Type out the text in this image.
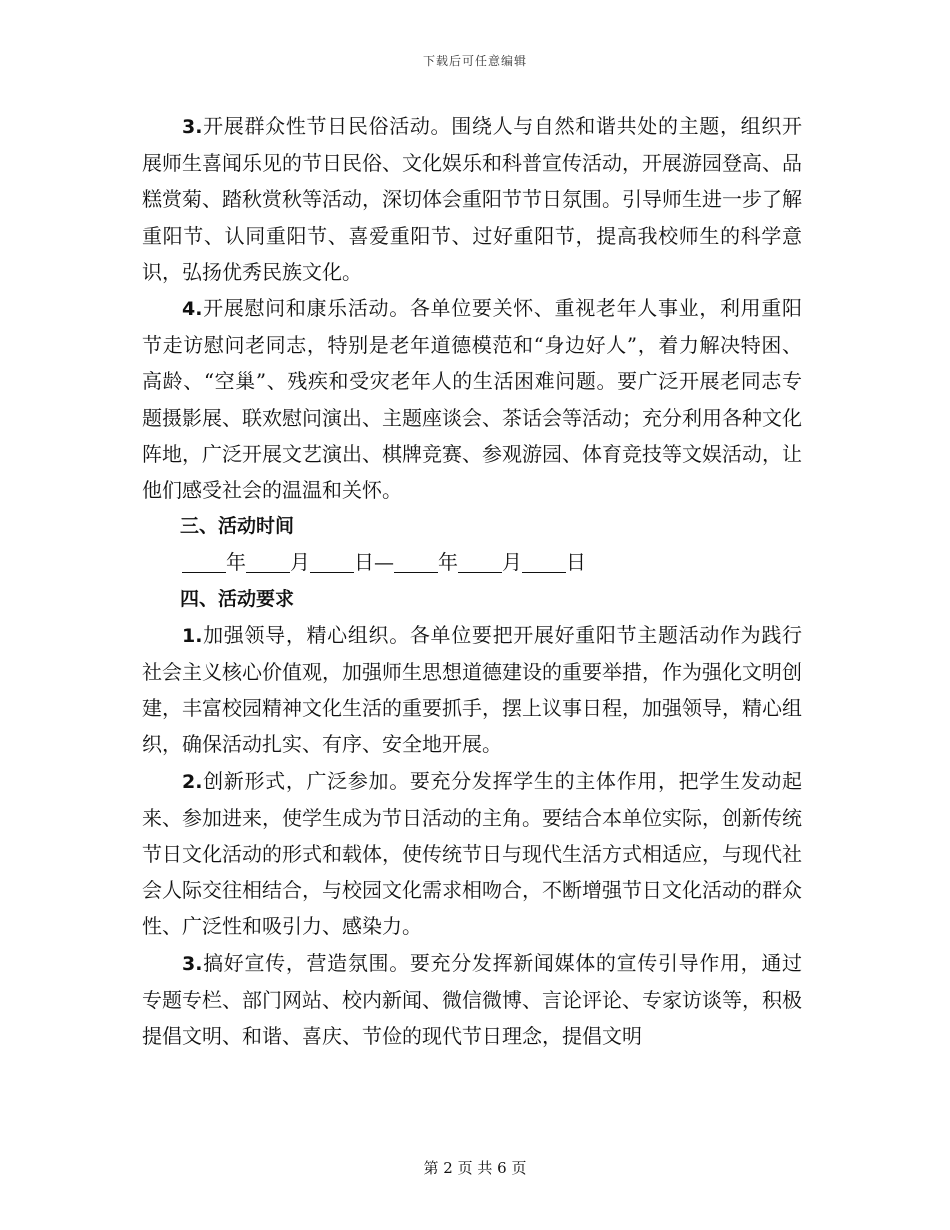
下载后可任意编辑

3.开展群众性节日民俗活动。围绕人与自然和谐共处的主题，组织开展师生喜闻乐见的节日民俗、文化娱乐和科普宣传活动，开展游园登高、品糕赏菊、踏秋赏秋等活动，深切体会重阳节节日氛围。引导师生进一步了解重阳节、认同重阳节、喜爱重阳节、过好重阳节，提高我校师生的科学意识，弘扬优秀民族文化。

4.开展慰问和康乐活动。各单位要关怀、重视老年人事业，利用重阳节走访慰问老同志，特别是老年道德模范和“身边好人”，着力解决特困、高龄、“空巢”、残疾和受灾老年人的生活困难问题。要广泛开展老同志专题摄影展、联欢慰问演出、主题座谈会、茶话会等活动；充分利用各种文化阵地，广泛开展文艺演出、棋牌竞赛、参观游园、体育竞技等文娱活动，让他们感受社会的温温和关怀。

三、活动时间

年 月 日— 年 月 日

四、活动要求

1.加强领导，精心组织。各单位要把开展好重阳节主题活动作为践行社会主义核心价值观，加强师生思想道德建设的重要举措，作为强化文明创建，丰富校园精神文化生活的重要抓手，摆上议事日程，加强领导，精心组织，确保活动扎实、有序、安全地开展。

2.创新形式，广泛参加。要充分发挥学生的主体作用，把学生发动起来、参加进来，使学生成为节日活动的主角。要结合本单位实际，创新传统节日文化活动的形式和载体，使传统节日与现代生活方式相适应，与现代社会人际交往相结合，与校园文化需求相吻合，不断增强节日文化活动的群众性、广泛性和吸引力、感染力。

3.搞好宣传，营造氛围。要充分发挥新闻媒体的宣传引导作用，通过专题专栏、部门网站、校内新闻、微信微博、言论评论、专家访谈等，积极提倡文明、和谐、喜庆、节俭的现代节日理念，提倡文明

第 2 页 共 6 页
